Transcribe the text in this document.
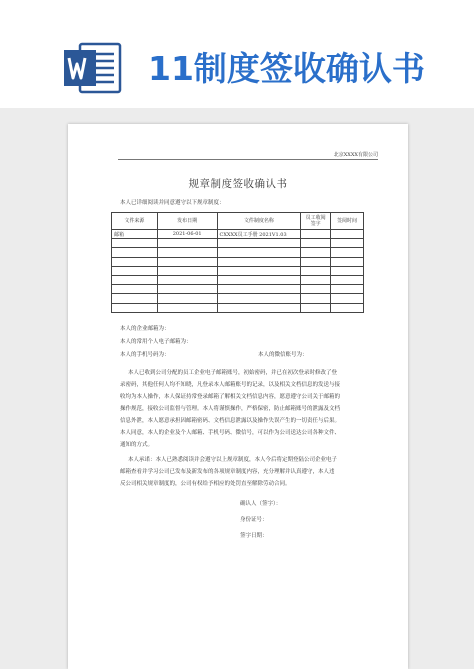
11制度签收确认书
北京XXXX有限公司
规章制度签收确认书
本人已详细阅读并同意遵守以下规章制度：
文件来源	发布日期	文件制度名称	员工收阅签字	签阅时间
邮箱	2021-06-01	CXXXX员工手册 2021V1.03		

本人的企业邮箱为：
本人的常用个人电子邮箱为：
本人的手机号码为：	本人的微信账号为：
本人已收到公司分配的员工企业电子邮箱账号，初始密码，并已在初次登录时修改了登
录密码，其他任何人均不知晓，凡登录本人邮箱账号的记录，以及相关文档信息的发送与接
收均为本人操作，本人保证持常登录邮箱了解相关文档信息内容，愿意遵守公司关于邮箱的
操作规范，接收公司监督与管理。本人将谨慎操作，严格保密，防止邮箱账号的泄露及文档
信息外泄，本人愿意承担因邮箱密码、文档信息泄露以及操作失误产生的一切责任与后果。
本人同意，本人的企业及个人邮箱、手机号码、微信号，可以作为公司送达公司各种文件、
通知的方式。
本人承诺：本人已熟悉阅读并会遵守以上规章制度，本人今后将定期登陆公司企业电子
邮箱查看并学习公司已发布及新发布的各项规章制度内容，充分理解并认真遵守，本人违
反公司相关规章制度的，公司有权给予相应的处罚直至解除劳动合同。
确认人（签字）：
身份证号：
签字日期：
